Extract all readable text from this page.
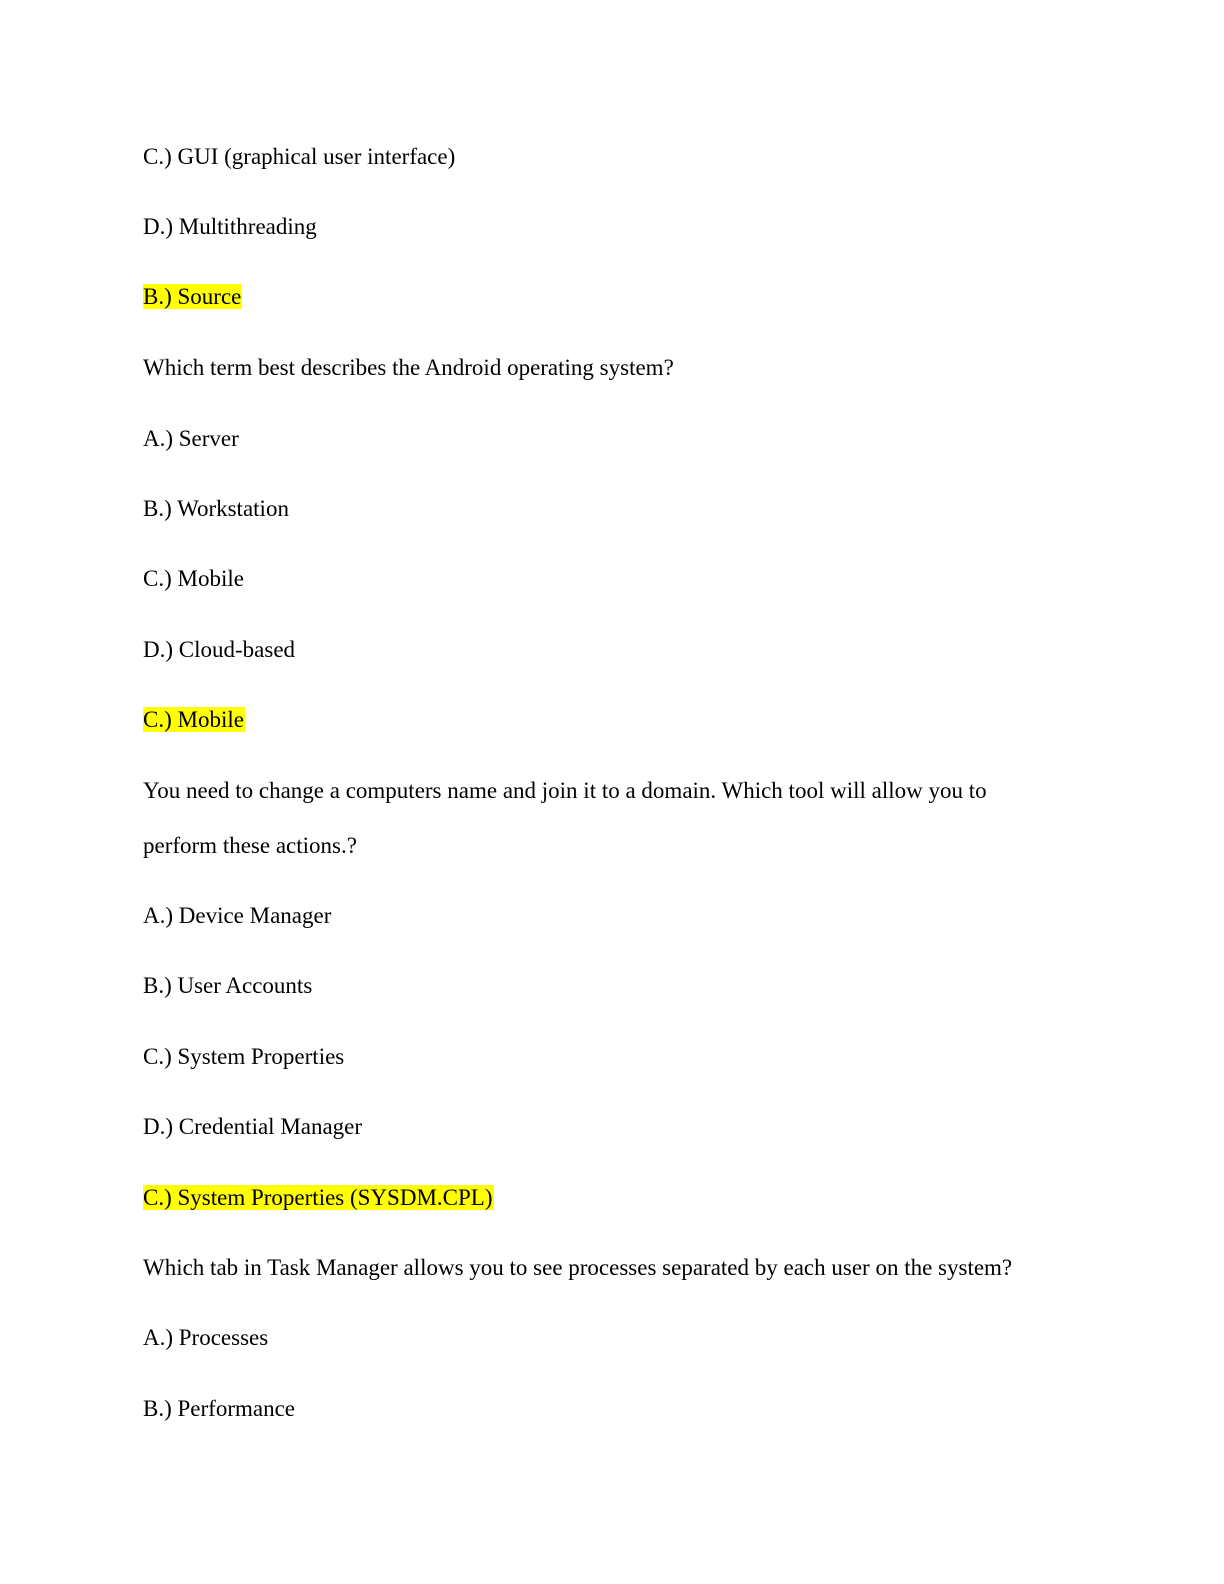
C.) GUI (graphical user interface)
D.) Multithreading
B.) Source
Which term best describes the Android operating system?
A.) Server
B.) Workstation
C.) Mobile
D.) Cloud-based
C.) Mobile
You need to change a computers name and join it to a domain. Which tool will allow you to
perform these actions.?
A.) Device Manager
B.) User Accounts
C.) System Properties
D.) Credential Manager
C.) System Properties (SYSDM.CPL)
Which tab in Task Manager allows you to see processes separated by each user on the system?
A.) Processes
B.) Performance
